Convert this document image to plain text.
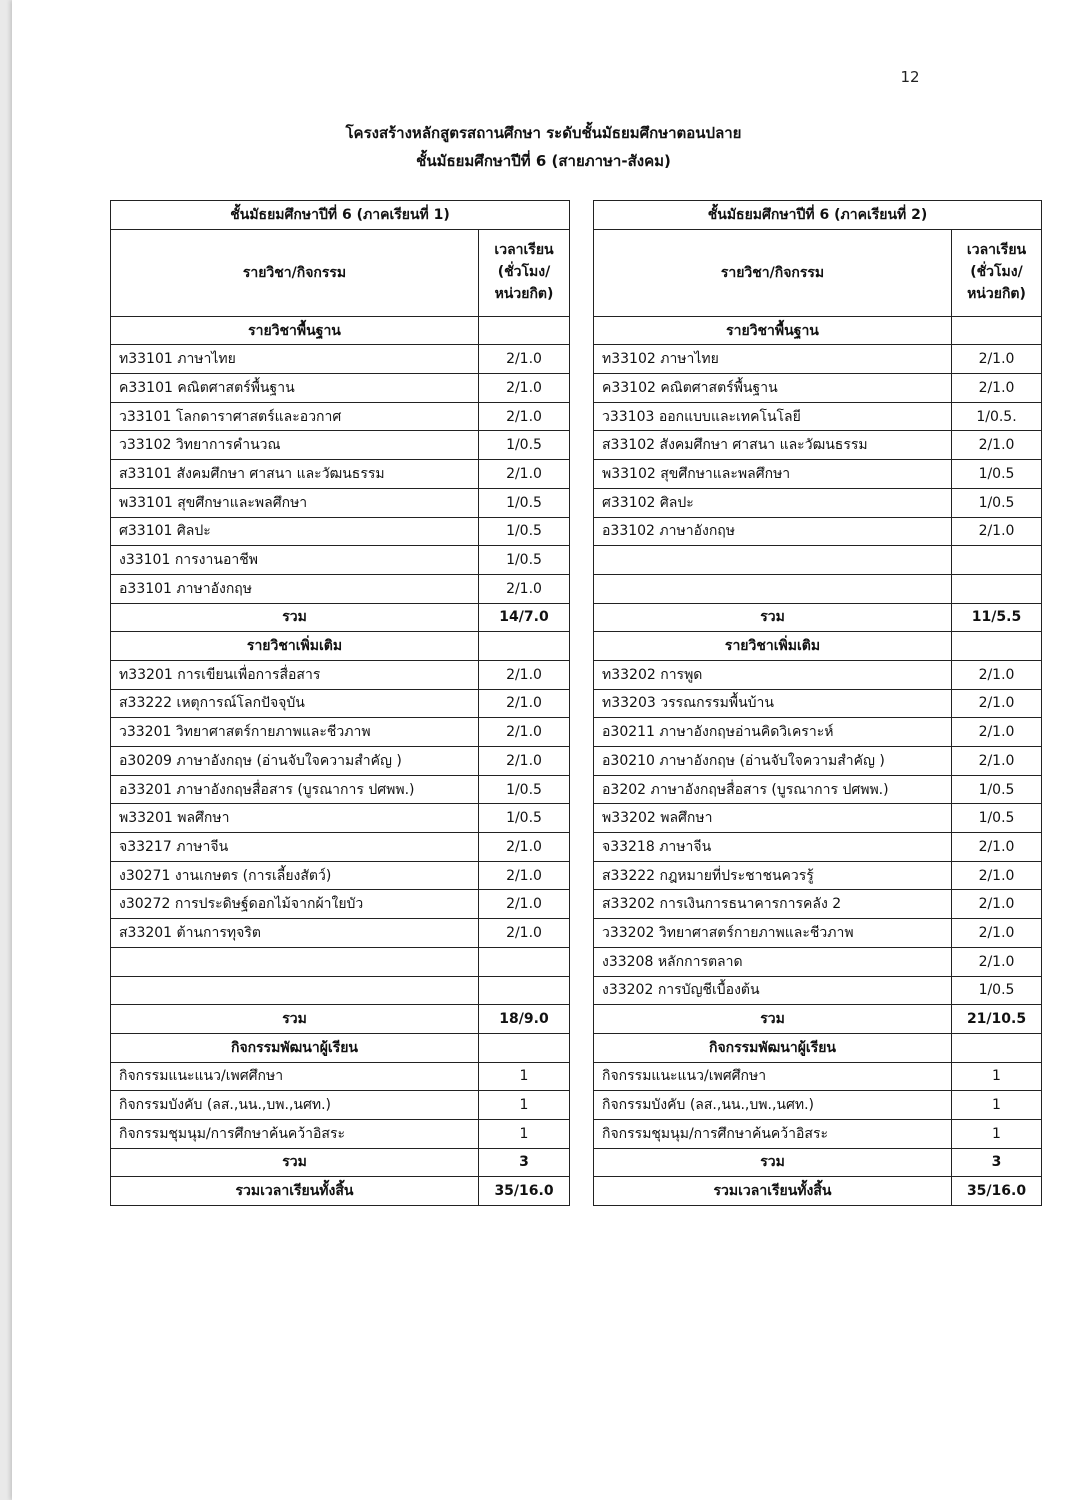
12
โครงสร้างหลักสูตรสถานศึกษา ระดับชั้นมัธยมศึกษาตอนปลาย
ชั้นมัธยมศึกษาปีที่ 6 (สายภาษา-สังคม)
ชั้นมัธยมศึกษาปีที่ 6 (ภาคเรียนที่ 1)	
รายวิชา/กิจกรรม	เวลาเรียน (ชั่วโมง/หน่วยกิต)
รายวิชาพื้นฐาน	
ท33101 ภาษาไทย	2/1.0
ค33101 คณิตศาสตร์พื้นฐาน	2/1.0
ว33101 โลกดาราศาสตร์และอวกาศ	2/1.0
ว33102 วิทยาการคำนวณ	1/0.5
ส33101 สังคมศึกษา ศาสนา และวัฒนธรรม	2/1.0
พ33101 สุขศึกษาและพลศึกษา	1/0.5
ศ33101 ศิลปะ	1/0.5
ง33101 การงานอาชีพ	1/0.5
อ33101 ภาษาอังกฤษ	2/1.0
รวม	14/7.0
รายวิชาเพิ่มเติม	
ท33201 การเขียนเพื่อการสื่อสาร	2/1.0
ส33222 เหตุการณ์โลกปัจจุบัน	2/1.0
ว33201 วิทยาศาสตร์กายภาพและชีวภาพ	2/1.0
อ30209 ภาษาอังกฤษ (อ่านจับใจความสำคัญ )	2/1.0
อ33201 ภาษาอังกฤษสื่อสาร (บูรณาการ ปศพพ.)	1/0.5
พ33201 พลศึกษา	1/0.5
จ33217 ภาษาจีน	2/1.0
ง30271 งานเกษตร (การเลี้ยงสัตว์)	2/1.0
ง30272 การประดิษฐ์ดอกไม้จากผ้าใยบัว	2/1.0
ส33201 ต้านการทุจริต	2/1.0

รวม	18/9.0
กิจกรรมพัฒนาผู้เรียน	
กิจกรรมแนะแนว/เพศศึกษา	1
กิจกรรมบังคับ (ลส.,นน.,บพ.,นศท.)	1
กิจกรรมชุมนุม/การศึกษาค้นคว้าอิสระ	1
รวม	3
รวมเวลาเรียนทั้งสิ้น	35/16.0
ชั้นมัธยมศึกษาปีที่ 6 (ภาคเรียนที่ 2)	
รายวิชา/กิจกรรม	เวลาเรียน (ชั่วโมง/หน่วยกิต)
รายวิชาพื้นฐาน	
ท33102 ภาษาไทย	2/1.0
ค33102 คณิตศาสตร์พื้นฐาน	2/1.0
ว33103 ออกแบบและเทคโนโลยี	1/0.5.
ส33102 สังคมศึกษา ศาสนา และวัฒนธรรม	2/1.0
พ33102 สุขศึกษาและพลศึกษา	1/0.5
ศ33102 ศิลปะ	1/0.5
อ33102 ภาษาอังกฤษ	2/1.0

รวม	11/5.5
รายวิชาเพิ่มเติม	
ท33202 การพูด	2/1.0
ท33203 วรรณกรรมพื้นบ้าน	2/1.0
อ30211 ภาษาอังกฤษอ่านคิดวิเคราะห์	2/1.0
อ30210 ภาษาอังกฤษ (อ่านจับใจความสำคัญ )	2/1.0
อ3202 ภาษาอังกฤษสื่อสาร (บูรณาการ ปศพพ.)	1/0.5
พ33202 พลศึกษา	1/0.5
จ33218 ภาษาจีน	2/1.0
ส33222 กฎหมายที่ประชาชนควรรู้	2/1.0
ส33202 การเงินการธนาคารการคลัง 2	2/1.0
ว33202 วิทยาศาสตร์กายภาพและชีวภาพ	2/1.0
ง33208 หลักการตลาด	2/1.0
ง33202 การบัญชีเบื้องต้น	1/0.5
รวม	21/10.5
กิจกรรมพัฒนาผู้เรียน	
กิจกรรมแนะแนว/เพศศึกษา	1
กิจกรรมบังคับ (ลส.,นน.,บพ.,นศท.)	1
กิจกรรมชุมนุม/การศึกษาค้นคว้าอิสระ	1
รวม	3
รวมเวลาเรียนทั้งสิ้น	35/16.0
